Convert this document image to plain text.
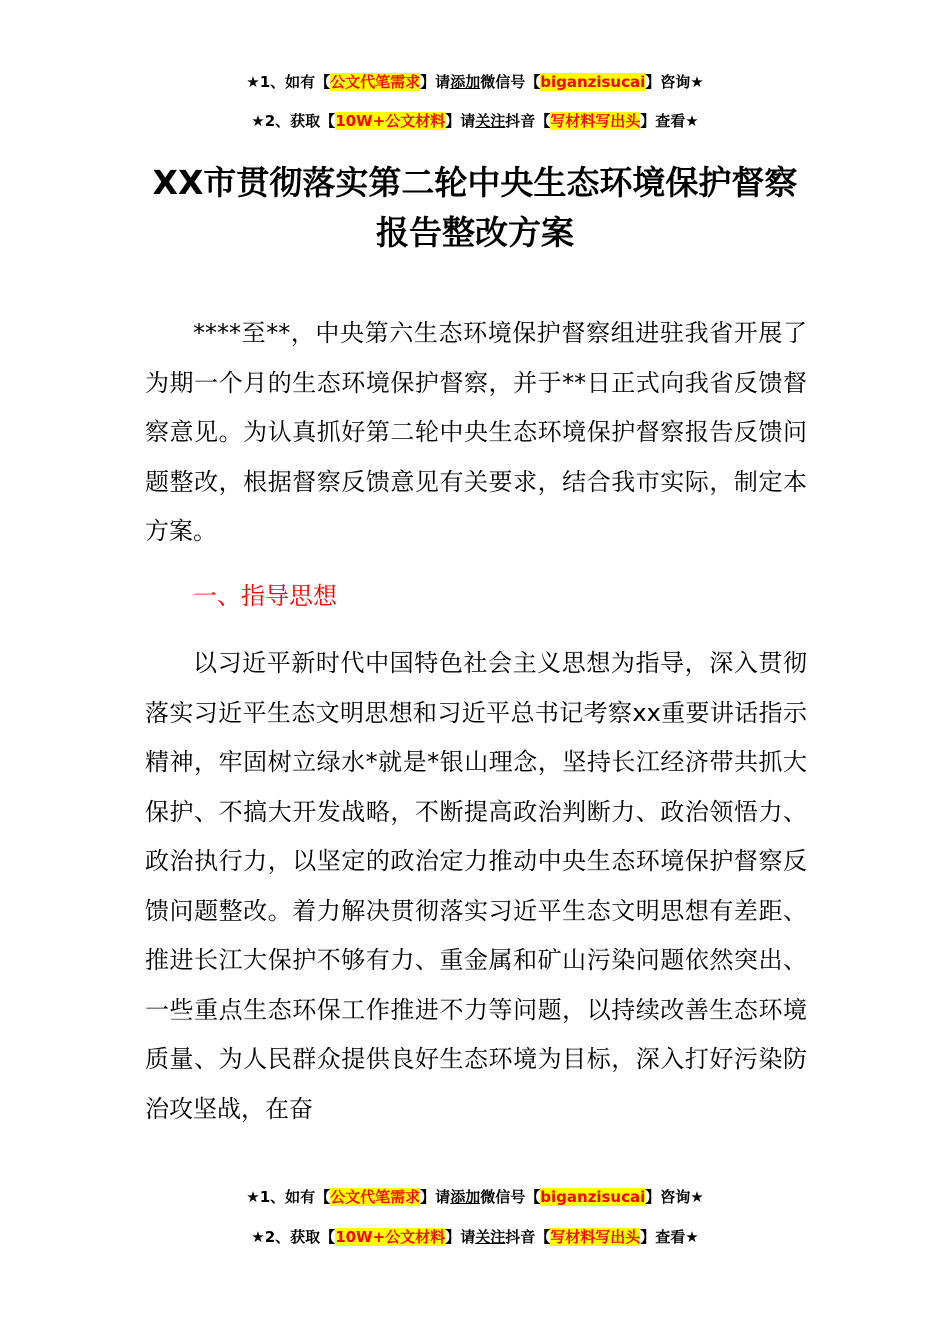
★1、如有【公文代笔需求】请添加微信号【biganzisucai】咨询★
★2、获取【10W+公文材料】请关注抖音【写材料写出头】查看★
XX市贯彻落实第二轮中央生态环境保护督察报告整改方案
****至**，中央第六生态环境保护督察组进驻我省开展了为期一个月的生态环境保护督察，并于**日正式向我省反馈督察意见。为认真抓好第二轮中央生态环境保护督察报告反馈问题整改，根据督察反馈意见有关要求，结合我市实际，制定本方案。
一、指导思想
以习近平新时代中国特色社会主义思想为指导，深入贯彻落实习近平生态文明思想和习近平总书记考察xx重要讲话指示精神，牢固树立绿水*就是*银山理念，坚持长江经济带共抓大保护、不搞大开发战略，不断提高政治判断力、政治领悟力、政治执行力，以坚定的政治定力推动中央生态环境保护督察反馈问题整改。着力解决贯彻落实习近平生态文明思想有差距、推进长江大保护不够有力、重金属和矿山污染问题依然突出、一些重点生态环保工作推进不力等问题，以持续改善生态环境质量、为人民群众提供良好生态环境为目标，深入打好污染防治攻坚战，在奋
★1、如有【公文代笔需求】请添加微信号【biganzisucai】咨询★
★2、获取【10W+公文材料】请关注抖音【写材料写出头】查看★
